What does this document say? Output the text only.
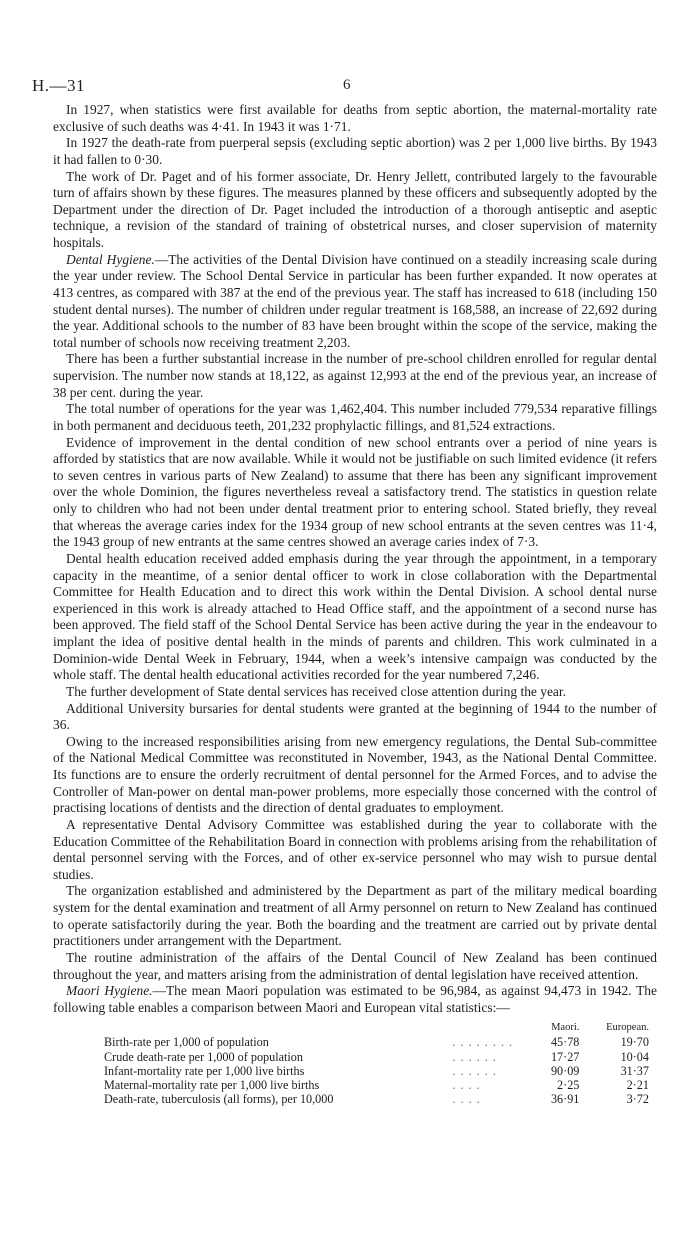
H.—31	6

In 1927, when statistics were first available for deaths from septic abortion, the maternal-mortality rate exclusive of such deaths was 4·41. In 1943 it was 1·71.

In 1927 the death-rate from puerperal sepsis (excluding septic abortion) was 2 per 1,000 live births. By 1943 it had fallen to 0·30.

The work of Dr. Paget and of his former associate, Dr. Henry Jellett, contributed largely to the favourable turn of affairs shown by these figures. The measures planned by these officers and subsequently adopted by the Department under the direction of Dr. Paget included the introduction of a thorough antiseptic and aseptic technique, a revision of the standard of training of obstetrical nurses, and closer supervision of maternity hospitals.

Dental Hygiene.—The activities of the Dental Division have continued on a steadily increasing scale during the year under review. The School Dental Service in particular has been further expanded. It now operates at 413 centres, as compared with 387 at the end of the previous year. The staff has increased to 618 (including 150 student dental nurses). The number of children under regular treatment is 168,588, an increase of 22,692 during the year. Additional schools to the number of 83 have been brought within the scope of the service, making the total number of schools now receiving treatment 2,203.

There has been a further substantial increase in the number of pre-school children enrolled for regular dental supervision. The number now stands at 18,122, as against 12,993 at the end of the previous year, an increase of 38 per cent. during the year.

The total number of operations for the year was 1,462,404. This number included 779,534 reparative fillings in both permanent and deciduous teeth, 201,232 prophylactic fillings, and 81,524 extractions.

Evidence of improvement in the dental condition of new school entrants over a period of nine years is afforded by statistics that are now available. While it would not be justifiable on such limited evidence (it refers to seven centres in various parts of New Zealand) to assume that there has been any significant improvement over the whole Dominion, the figures nevertheless reveal a satisfactory trend. The statistics in question relate only to children who had not been under dental treatment prior to entering school. Stated briefly, they reveal that whereas the average caries index for the 1934 group of new school entrants at the seven centres was 11·4, the 1943 group of new entrants at the same centres showed an average caries index of 7·3.

Dental health education received added emphasis during the year through the appointment, in a temporary capacity in the meantime, of a senior dental officer to work in close collaboration with the Departmental Committee for Health Education and to direct this work within the Dental Division. A school dental nurse experienced in this work is already attached to Head Office staff, and the appointment of a second nurse has been approved. The field staff of the School Dental Service has been active during the year in the endeavour to implant the idea of positive dental health in the minds of parents and children. This work culminated in a Dominion-wide Dental Week in February, 1944, when a week’s intensive campaign was conducted by the whole staff. The dental health educational activities recorded for the year numbered 7,246.

The further development of State dental services has received close attention during the year.

Additional University bursaries for dental students were granted at the beginning of 1944 to the number of 36.

Owing to the increased responsibilities arising from new emergency regulations, the Dental Sub-committee of the National Medical Committee was reconstituted in November, 1943, as the National Dental Committee. Its functions are to ensure the orderly recruitment of dental personnel for the Armed Forces, and to advise the Controller of Man-power on dental man-power problems, more especially those concerned with the control of practising locations of dentists and the direction of dental graduates to employment.

A representative Dental Advisory Committee was established during the year to collaborate with the Education Committee of the Rehabilitation Board in connection with problems arising from the rehabilitation of dental personnel serving with the Forces, and of other ex-service personnel who may wish to pursue dental studies.

The organization established and administered by the Department as part of the military medical boarding system for the dental examination and treatment of all Army personnel on return to New Zealand has continued to operate satisfactorily during the year. Both the boarding and the treatment are carried out by private dental practitioners under arrangement with the Department.

The routine administration of the affairs of the Dental Council of New Zealand has been continued throughout the year, and matters arising from the administration of dental legislation have received attention.

Maori Hygiene.—The mean Maori population was estimated to be 96,984, as against 94,473 in 1942. The following table enables a comparison between Maori and European vital statistics:—

		Maori.	European.
Birth-rate per 1,000 of population	. . . . . . . .	45·78	19·70
Crude death-rate per 1,000 of population	. . . . . .	17·27	10·04
Infant-mortality rate per 1,000 live births	. . . . . .	90·09	31·37
Maternal-mortality rate per 1,000 live births	. . . .	2·25	2·21
Death-rate, tuberculosis (all forms), per 10,000	. . . .	36·91	3·72
